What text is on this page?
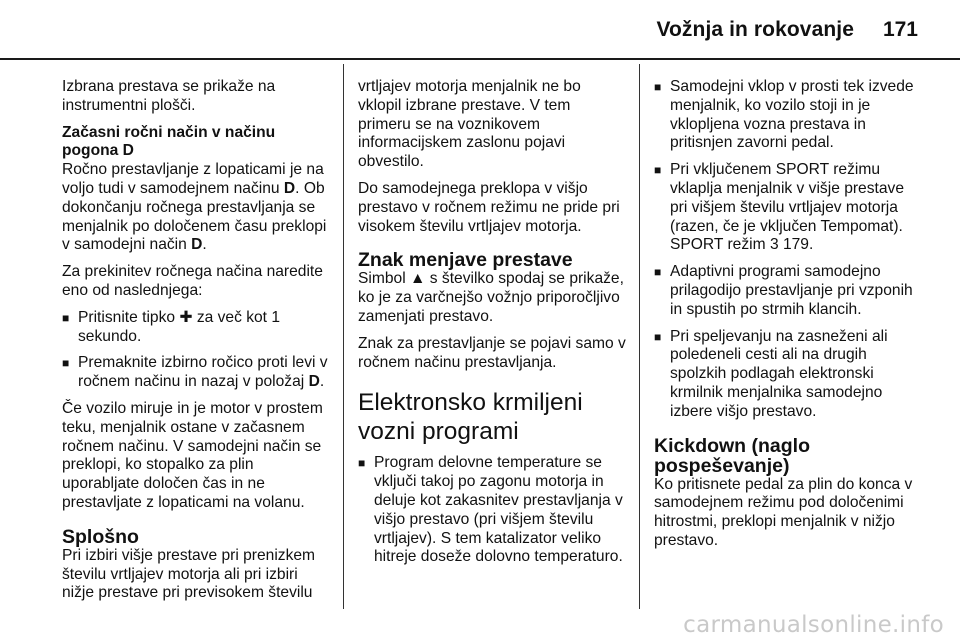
Vožnja in rokovanje 171

Izbrana prestava se prikaže na instrumentni plošči.

Začasni ročni način v načinu pogona D

Ročno prestavljanje z lopaticami je na voljo tudi v samodejnem načinu D. Ob dokončanju ročnega prestavljanja se menjalnik po določenem času preklopi v samodejni način D.

Za prekinitev ročnega načina naredite eno od naslednjega:

■ Pritisnite tipko ✚ za več kot 1 sekundo.
■ Premaknite izbirno ročico proti levi v ročnem načinu in nazaj v položaj D.

Če vozilo miruje in je motor v prostem teku, menjalnik ostane v začasnem ročnem načinu. V samodejni način se preklopi, ko stopalko za plin uporabljate določen čas in ne prestavljate z lopaticami na volanu.

Splošno

Pri izbiri višje prestave pri prenizkem številu vrtljajev motorja ali pri izbiri nižje prestave pri previsokem številu

vrtljajev motorja menjalnik ne bo vklopil izbrane prestave. V tem primeru se na voznikovem informacijskem zaslonu pojavi obvestilo.

Do samodejnega preklopa v višjo prestavo v ročnem režimu ne pride pri visokem številu vrtljajev motorja.

Znak menjave prestave

Simbol ▲ s številko spodaj se prikaže, ko je za varčnejšo vožnjo priporočljivo zamenjati prestavo.

Znak za prestavljanje se pojavi samo v ročnem načinu prestavljanja.

Elektronsko krmiljeni vozni programi

■ Program delovne temperature se vključi takoj po zagonu motorja in deluje kot zakasnitev prestavljanja v višjo prestavo (pri višjem številu vrtljajev). S tem katalizator veliko hitreje doseže dolovno temperaturo.
■ Samodejni vklop v prosti tek izvede menjalnik, ko vozilo stoji in je vklopljena vozna prestava in pritisnjen zavorni pedal.
■ Pri vključenem SPORT režimu vklaplja menjalnik v višje prestave pri višjem številu vrtljajev motorja (razen, če je vključen Tempomat). SPORT režim 3 179.
■ Adaptivni programi samodejno prilagodijo prestavljanje pri vzponih in spustih po strmih klancih.
■ Pri speljevanju na zasneženi ali poledeneli cesti ali na drugih spolzkih podlagah elektronski krmilnik menjalnika samodejno izbere višjo prestavo.

Kickdown (naglo pospeševanje)

Ko pritisnete pedal za plin do konca v samodejnem režimu pod določenimi hitrostmi, preklopi menjalnik v nižjo prestavo.

carmanualsonline.info
